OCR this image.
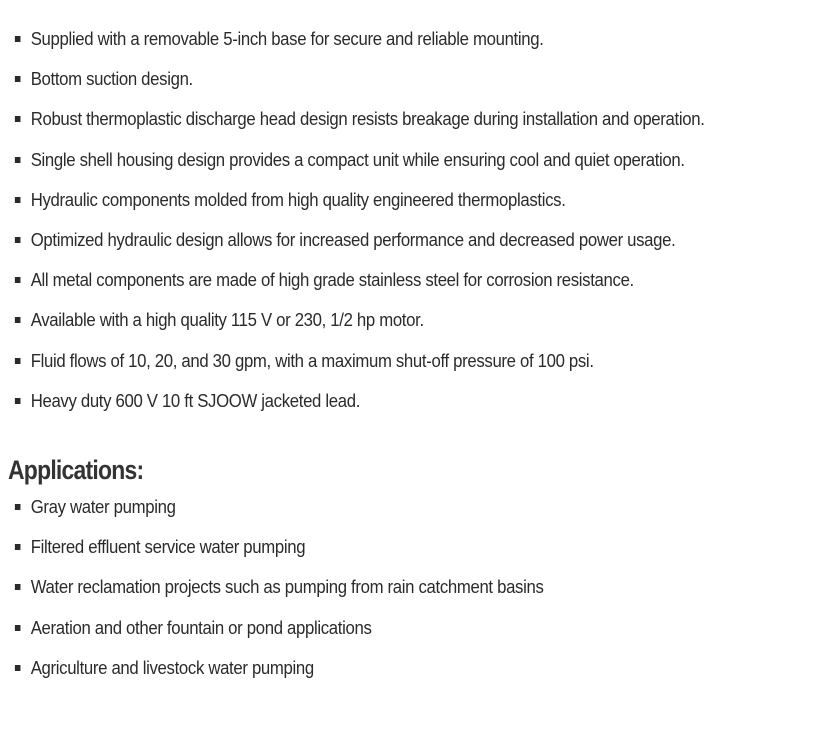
Supplied with a removable 5-inch base for secure and reliable mounting.
Bottom suction design.
Robust thermoplastic discharge head design resists breakage during installation and operation.
Single shell housing design provides a compact unit while ensuring cool and quiet operation.
Hydraulic components molded from high quality engineered thermoplastics.
Optimized hydraulic design allows for increased performance and decreased power usage.
All metal components are made of high grade stainless steel for corrosion resistance.
Available with a high quality 115 V or 230, 1/2 hp motor.
Fluid flows of 10, 20, and 30 gpm, with a maximum shut-off pressure of 100 psi.
Heavy duty 600 V 10 ft SJOOW jacketed lead.
Applications:
Gray water pumping
Filtered effluent service water pumping
Water reclamation projects such as pumping from rain catchment basins
Aeration and other fountain or pond applications
Agriculture and livestock water pumping
